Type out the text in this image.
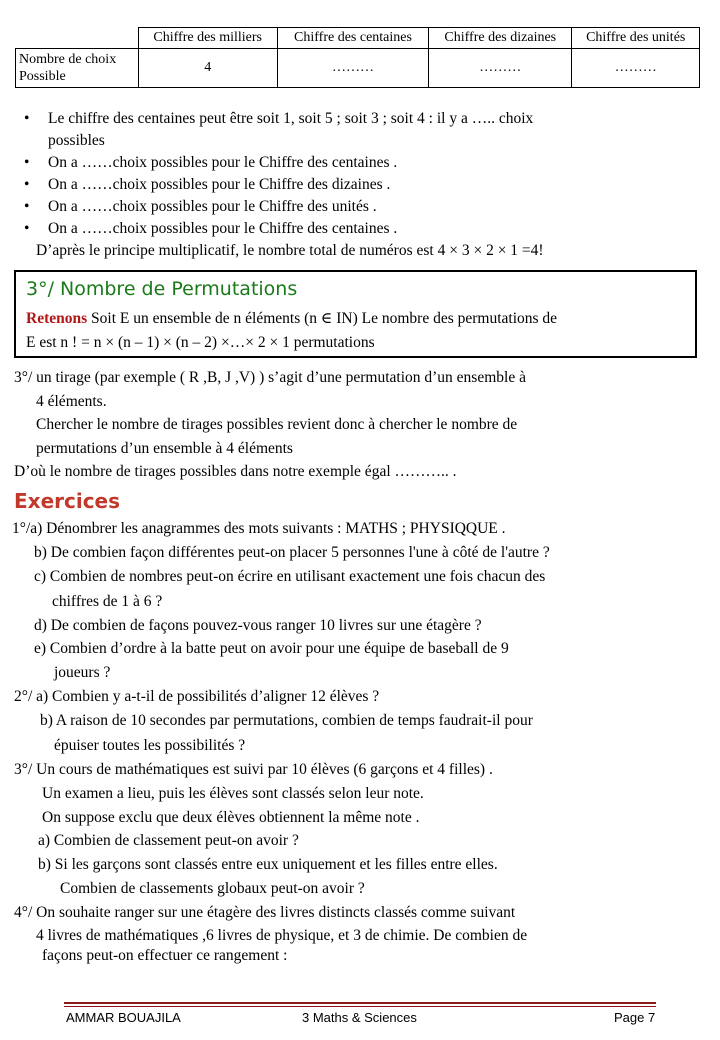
	Chiffre des milliers	Chiffre des centaines	Chiffre des dizaines	Chiffre des unités
Nombre de choix
Possible	4	………	………	………
• Le chiffre des centaines peut être soit 1, soit 5 ; soit 3 ; soit 4 : il y a ….. choix
possibles
• On a ……choix possibles pour le Chiffre des centaines .
• On a ……choix possibles pour le Chiffre des dizaines .
• On a ……choix possibles pour le Chiffre des unités .
• On a ……choix possibles pour le Chiffre des centaines .
D’après le principe multiplicatif, le nombre total de numéros est 4 × 3 × 2 × 1 =4!
3°/ Nombre de Permutations
Retenons Soit E un ensemble de n éléments (n ∈ IN) Le nombre des permutations de
E est n ! = n × (n – 1) × (n – 2) ×…× 2 × 1 permutations
3°/ un tirage (par exemple ( R ,B, J ,V) ) s’agit d’une permutation d’un ensemble à
4 éléments.
Chercher le nombre de tirages possibles revient donc à chercher le nombre de
permutations d’un ensemble à 4 éléments
D’où le nombre de tirages possibles dans notre exemple égal ……….. .
Exercices
1°/a) Dénombrer les anagrammes des mots suivants : MATHS ; PHYSIQQUE .
b) De combien façon différentes peut-on placer 5 personnes l'une à côté de l'autre ?
c) Combien de nombres peut-on écrire en utilisant exactement une fois chacun des
chiffres de 1 à 6 ?
d) De combien de façons pouvez-vous ranger 10 livres sur une étagère ?
e) Combien d’ordre à la batte peut on avoir pour une équipe de baseball de 9
joueurs ?
2°/ a) Combien y a-t-il de possibilités d’aligner 12 élèves ?
b) A raison de 10 secondes par permutations, combien de temps faudrait-il pour
épuiser toutes les possibilités ?
3°/ Un cours de mathématiques est suivi par 10 élèves (6 garçons et 4 filles) .
Un examen a lieu, puis les élèves sont classés selon leur note.
On suppose exclu que deux élèves obtiennent la même note .
a) Combien de classement peut-on avoir ?
b) Si les garçons sont classés entre eux uniquement et les filles entre elles.
Combien de classements globaux peut-on avoir ?
4°/ On souhaite ranger sur une étagère des livres distincts classés comme suivant
4 livres de mathématiques ,6 livres de physique, et 3 de chimie. De combien de
façons peut-on effectuer ce rangement :
AMMAR BOUAJILA	3 Maths & Sciences	Page 7
